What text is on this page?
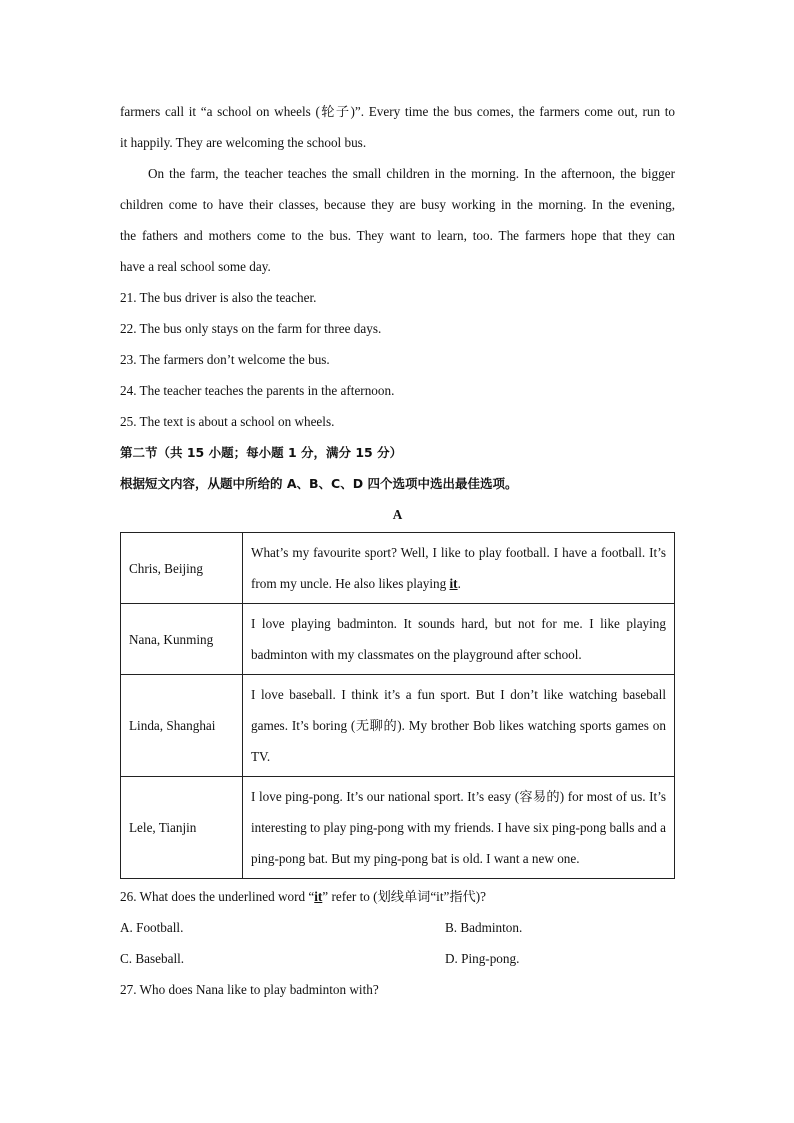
farmers call it “a school on wheels (轮子)”. Every time the bus comes, the farmers come out, run to
it happily. They are welcoming the school bus.
On the farm, the teacher teaches the small children in the morning. In the afternoon, the bigger
children come to have their classes, because they are busy working in the morning. In the evening,
the fathers and mothers come to the bus. They want to learn, too. The farmers hope that they can
have a real school some day.
21. The bus driver is also the teacher.
22. The bus only stays on the farm for three days.
23. The farmers don’t welcome the bus.
24. The teacher teaches the parents in the afternoon.
25. The text is about a school on wheels.
第二节（共 15 小题；每小题 1 分，满分 15 分）
根据短文内容，从题中所给的 A、B、C、D 四个选项中选出最佳选项。
A
Chris, Beijing	What’s my favourite sport? Well, I like to play football. I have a football. It’s from my uncle. He also likes playing it.
Nana, Kunming	I love playing badminton. It sounds hard, but not for me. I like playing badminton with my classmates on the playground after school.
Linda, Shanghai	I love baseball. I think it’s a fun sport. But I don’t like watching baseball games. It’s boring (无聊的). My brother Bob likes watching sports games on TV.
Lele, Tianjin	I love ping-pong. It’s our national sport. It’s easy (容易的) for most of us. It’s interesting to play ping-pong with my friends. I have six ping-pong balls and a ping-pong bat. But my ping-pong bat is old. I want a new one.
26. What does the underlined word “it” refer to (划线单词“it”指代)?
A. Football.	B. Badminton.
C. Baseball.	D. Ping-pong.
27. Who does Nana like to play badminton with?
